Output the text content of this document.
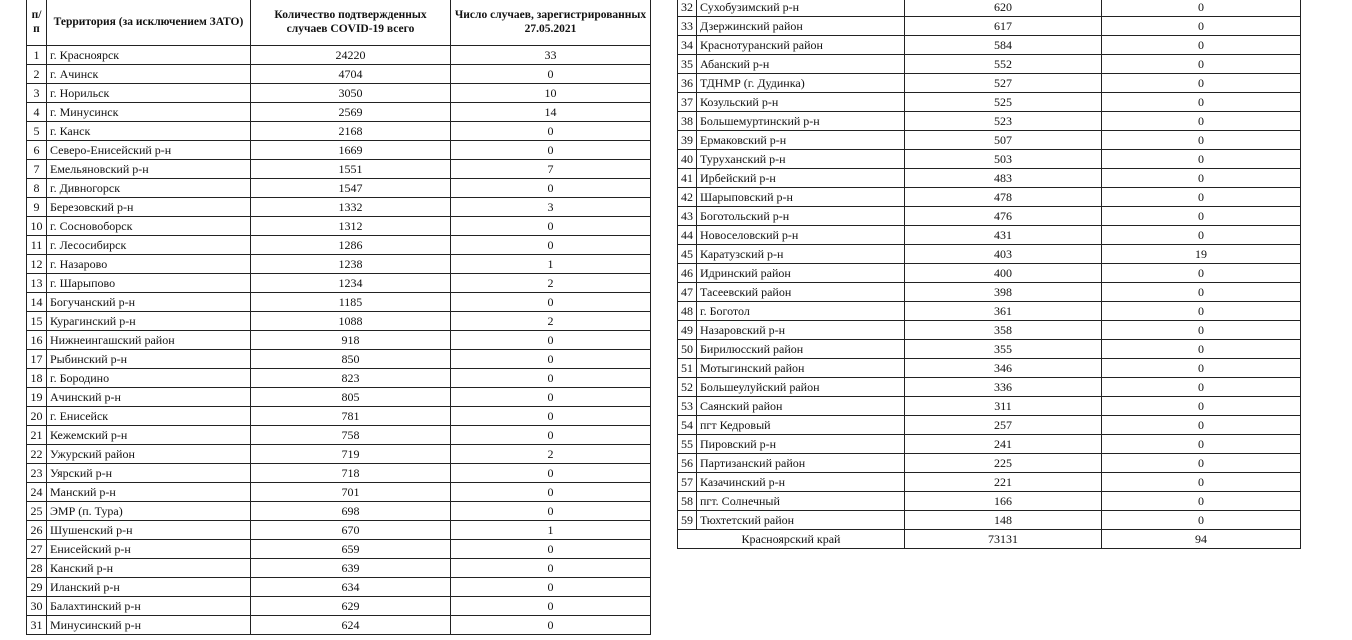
п/п	Территория (за исключением ЗАТО)	Количество подтвержденных случаев COVID-19 всего	Число случаев, зарегистрированных 27.05.2021
1	г. Красноярск	24220	33
2	г. Ачинск	4704	0
3	г. Норильск	3050	10
4	г. Минусинск	2569	14
5	г. Канск	2168	0
6	Северо-Енисейский р-н	1669	0
7	Емельяновский р-н	1551	7
8	г. Дивногорск	1547	0
9	Березовский р-н	1332	3
10	г. Сосновоборск	1312	0
11	г. Лесосибирск	1286	0
12	г. Назарово	1238	1
13	г. Шарыпово	1234	2
14	Богучанский р-н	1185	0
15	Курагинский р-н	1088	2
16	Нижнеингашский район	918	0
17	Рыбинский р-н	850	0
18	г. Бородино	823	0
19	Ачинский р-н	805	0
20	г. Енисейск	781	0
21	Кежемский р-н	758	0
22	Ужурский район	719	2
23	Уярский р-н	718	0
24	Манский р-н	701	0
25	ЭМР (п. Тура)	698	0
26	Шушенский р-н	670	1
27	Енисейский р-н	659	0
28	Канский р-н	639	0
29	Иланский р-н	634	0
30	Балахтинский р-н	629	0
31	Минусинский р-н	624	0
32	Сухобузимский р-н	620	0
33	Дзержинский район	617	0
34	Краснотуранский район	584	0
35	Абанский р-н	552	0
36	ТДНМР (г. Дудинка)	527	0
37	Козульский р-н	525	0
38	Большемуртинский р-н	523	0
39	Ермаковский р-н	507	0
40	Туруханский р-н	503	0
41	Ирбейский р-н	483	0
42	Шарыповский р-н	478	0
43	Боготольский р-н	476	0
44	Новоселовский р-н	431	0
45	Каратузский р-н	403	19
46	Идринский район	400	0
47	Тасеевский район	398	0
48	г. Боготол	361	0
49	Назаровский р-н	358	0
50	Бирилюсский район	355	0
51	Мотыгинский район	346	0
52	Большеулуйский район	336	0
53	Саянский район	311	0
54	пгт Кедровый	257	0
55	Пировский р-н	241	0
56	Партизанский район	225	0
57	Казачинский р-н	221	0
58	пгт. Солнечный	166	0
59	Тюхтетский район	148	0
Красноярский край		73131	94
